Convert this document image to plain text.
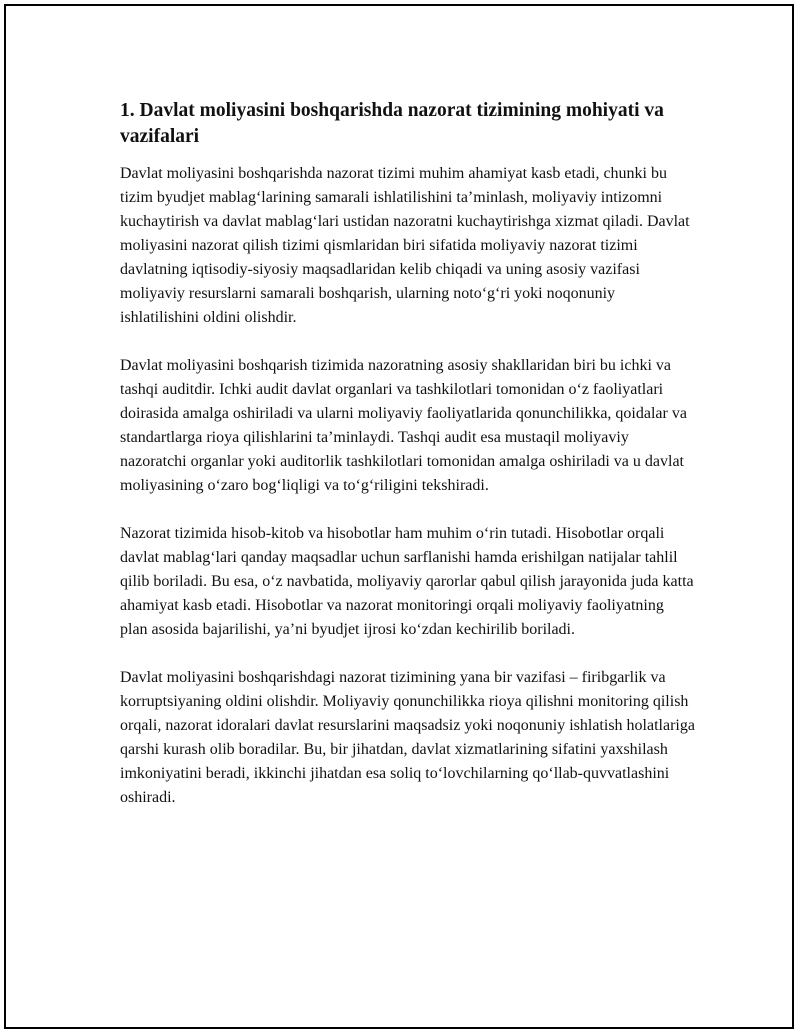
1. Davlat moliyasini boshqarishda nazorat tizimining mohiyati va vazifalari

Davlat moliyasini boshqarishda nazorat tizimi muhim ahamiyat kasb etadi, chunki bu tizim byudjet mablag‘larining samarali ishlatilishini ta’minlash, moliyaviy intizomni kuchaytirish va davlat mablag‘lari ustidan nazoratni kuchaytirishga xizmat qiladi. Davlat moliyasini nazorat qilish tizimi qismlaridan biri sifatida moliyaviy nazorat tizimi davlatning iqtisodiy-siyosiy maqsadlaridan kelib chiqadi va uning asosiy vazifasi moliyaviy resurslarni samarali boshqarish, ularning noto‘g‘ri yoki noqonuniy ishlatilishini oldini olishdir.

Davlat moliyasini boshqarish tizimida nazoratning asosiy shakllaridan biri bu ichki va tashqi auditdir. Ichki audit davlat organlari va tashkilotlari tomonidan o‘z faoliyatlari doirasida amalga oshiriladi va ularni moliyaviy faoliyatlarida qonunchilikka, qoidalar va standartlarga rioya qilishlarini ta’minlaydi. Tashqi audit esa mustaqil moliyaviy nazoratchi organlar yoki auditorlik tashkilotlari tomonidan amalga oshiriladi va u davlat moliyasining o‘zaro bog‘liqligi va to‘g‘riligini tekshiradi.

Nazorat tizimida hisob-kitob va hisobotlar ham muhim o‘rin tutadi. Hisobotlar orqali davlat mablag‘lari qanday maqsadlar uchun sarflanishi hamda erishilgan natijalar tahlil qilib boriladi. Bu esa, o‘z navbatida, moliyaviy qarorlar qabul qilish jarayonida juda katta ahamiyat kasb etadi. Hisobotlar va nazorat monitoringi orqali moliyaviy faoliyatning plan asosida bajarilishi, ya’ni byudjet ijrosi ko‘zdan kechirilib boriladi.

Davlat moliyasini boshqarishdagi nazorat tizimining yana bir vazifasi – firibgarlik va korruptsiyaning oldini olishdir. Moliyaviy qonunchilikka rioya qilishni monitoring qilish orqali, nazorat idoralari davlat resurslarini maqsadsiz yoki noqonuniy ishlatish holatlariga qarshi kurash olib boradilar. Bu, bir jihatdan, davlat xizmatlarining sifatini yaxshilash imkoniyatini beradi, ikkinchi jihatdan esa soliq to‘lovchilarning qo‘llab-quvvatlashini oshiradi.
